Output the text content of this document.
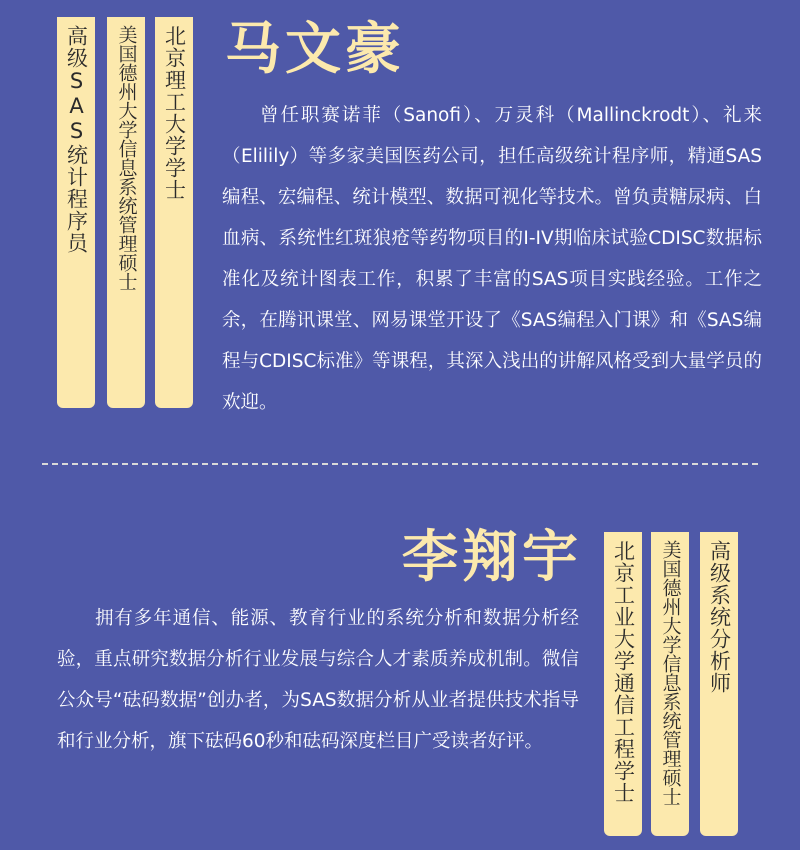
高级SAS统计程序员 美国德州大学信息系统管理硕士 北京理工大学学士 马文豪

曾任职赛诺菲（Sanofi）、万灵科（Mallinckrodt）、礼来（Elilily）等多家美国医药公司，担任高级统计程序师，精通SAS编程、宏编程、统计模型、数据可视化等技术。曾负责糖尿病、白血病、系统性红斑狼疮等药物项目的I-IV期临床试验CDISC数据标准化及统计图表工作，积累了丰富的SAS项目实践经验。工作之余，在腾讯课堂、网易课堂开设了《SAS编程入门课》和《SAS编程与CDISC标准》等课程，其深入浅出的讲解风格受到大量学员的欢迎。

李翔宇

拥有多年通信、能源、教育行业的系统分析和数据分析经验，重点研究数据分析行业发展与综合人才素质养成机制。微信公众号“砝码数据”创办者，为SAS数据分析从业者提供技术指导和行业分析，旗下砝码60秒和砝码深度栏目广受读者好评。	北京工业大学通信工程学士 美国德州大学信息系统管理硕士 高级系统分析师
